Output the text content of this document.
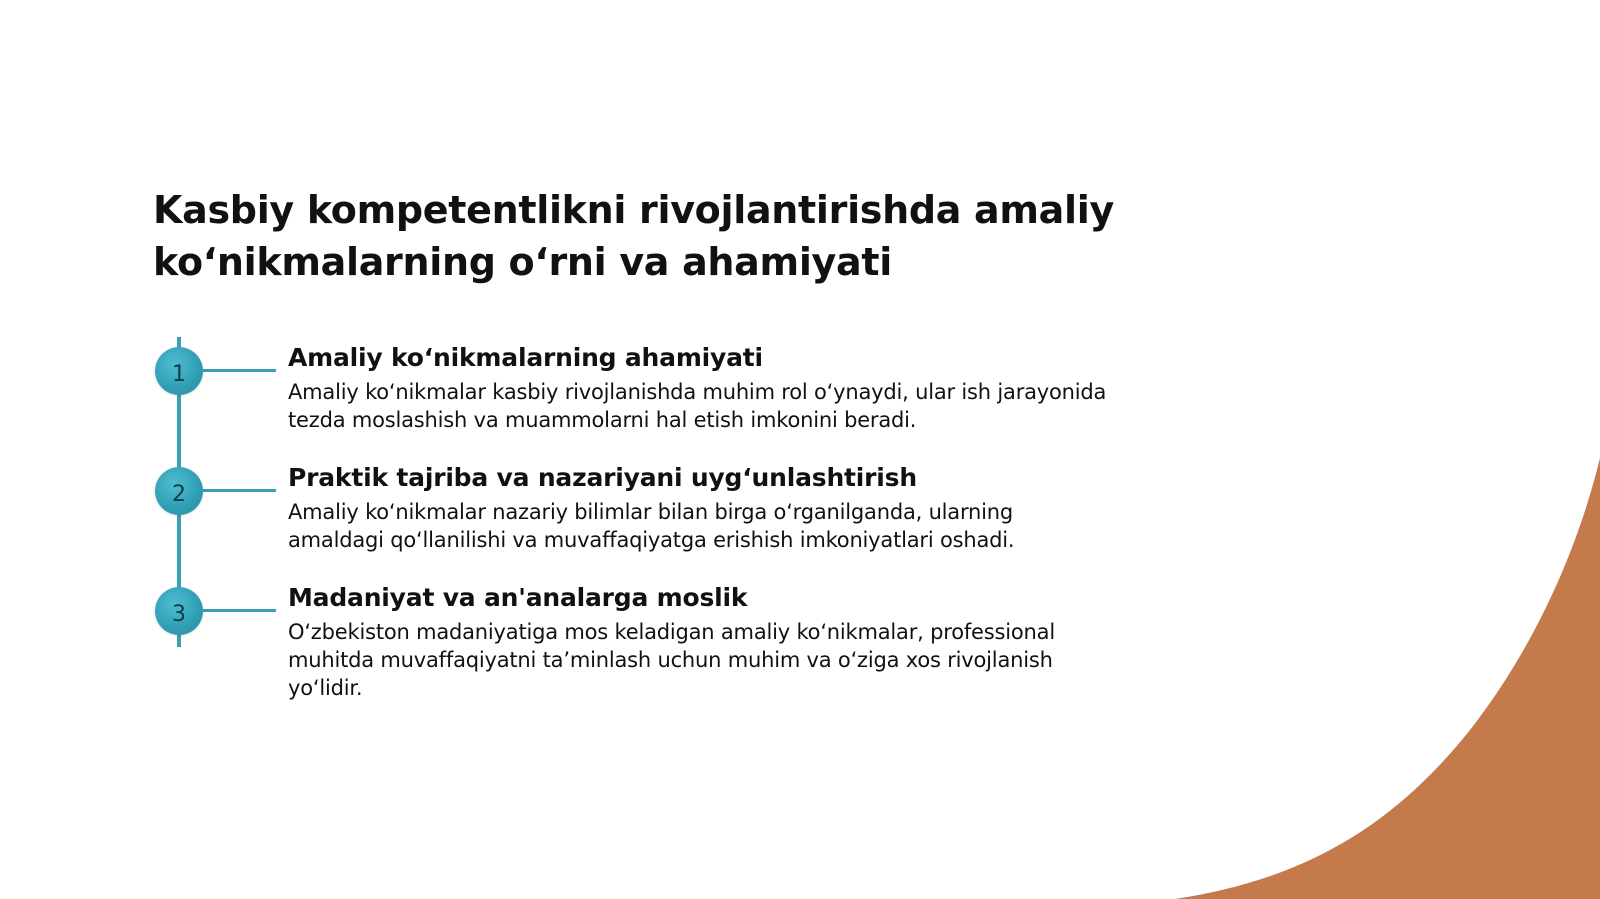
Kasbiy kompetentlikni rivojlantirishda amaliy ko‘nikmalarning o‘rni va ahamiyati
1
Amaliy ko‘nikmalarning ahamiyati

Amaliy ko‘nikmalar kasbiy rivojlanishda muhim rol o‘ynaydi, ular ish jarayonida tezda moslashish va muammolarni hal etish imkonini beradi.

2
Praktik tajriba va nazariyani uyg‘unlashtirish

Amaliy ko‘nikmalar nazariy bilimlar bilan birga o‘rganilganda, ularning amaldagi qo‘llanilishi va muvaffaqiyatga erishish imkoniyatlari oshadi.

3
Madaniyat va an'analarga moslik

O‘zbekiston madaniyatiga mos keladigan amaliy ko‘nikmalar, professional muhitda muvaffaqiyatni ta’minlash uchun muhim va o‘ziga xos rivojlanish yo‘lidir.
